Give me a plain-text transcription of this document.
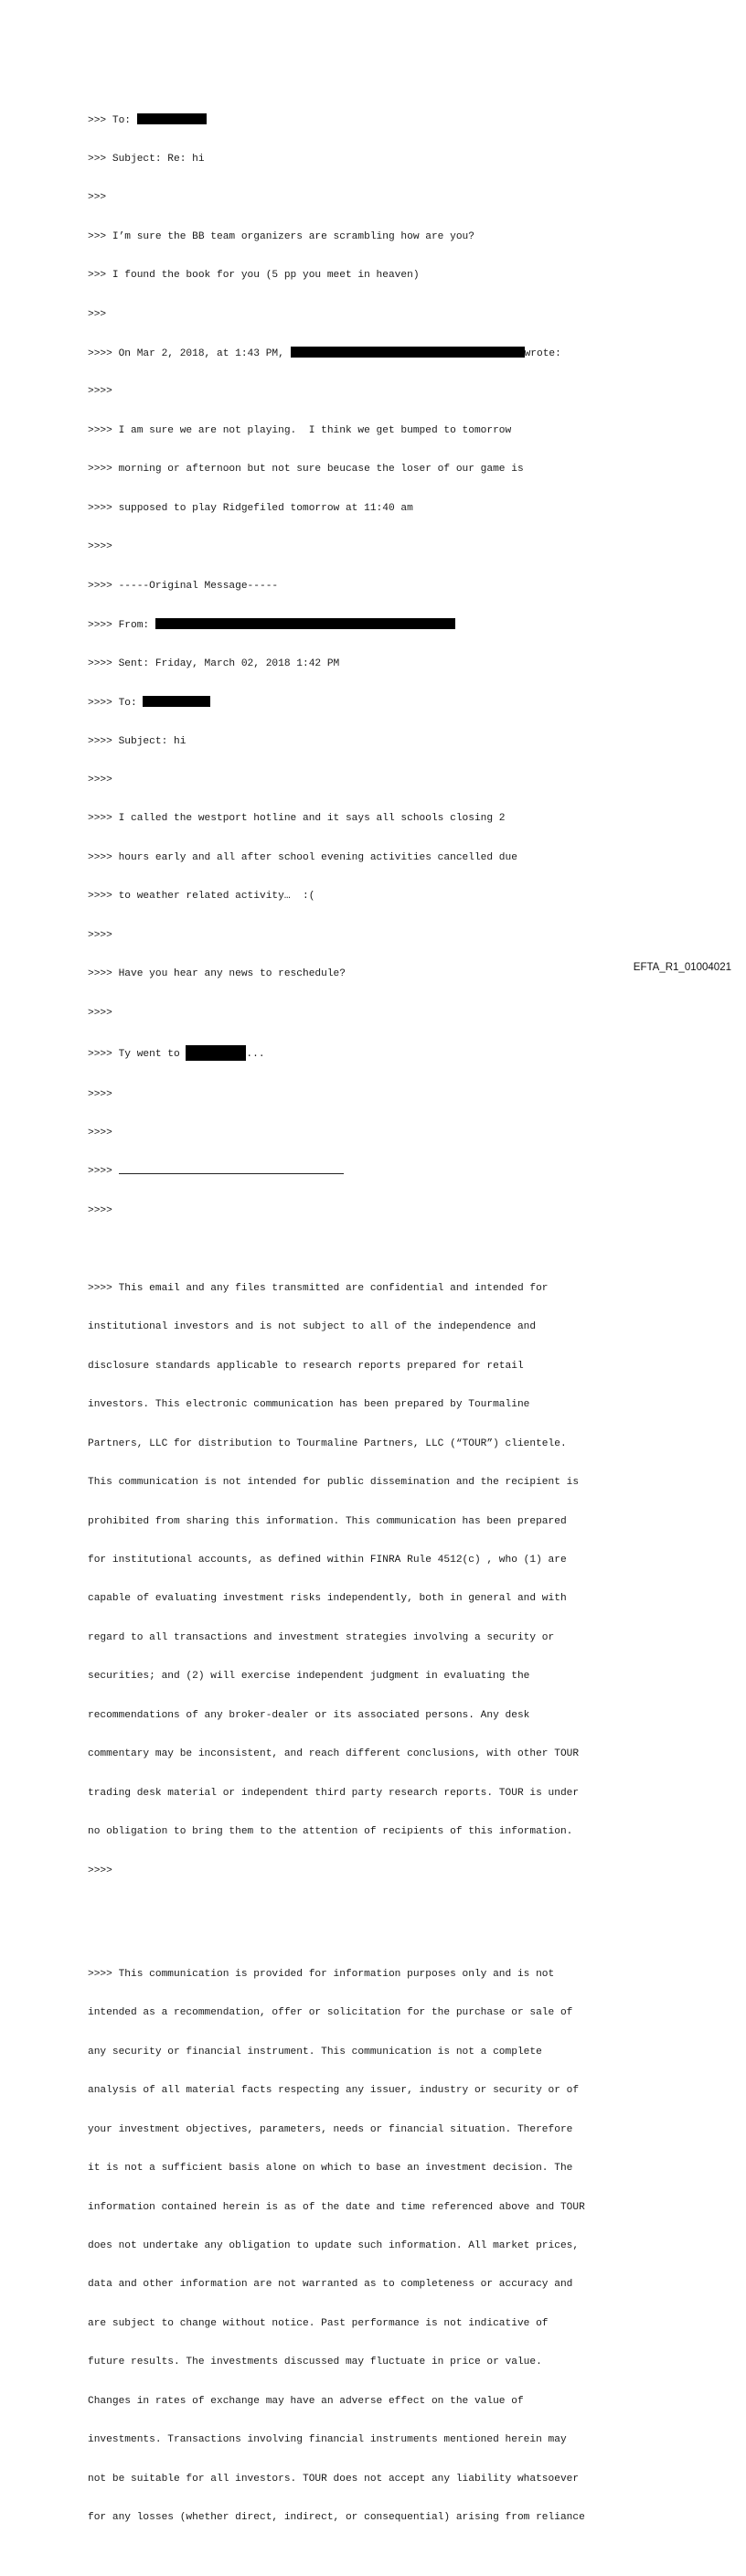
>>> To:

>>> Subject: Re: hi

>>>

>>> I’m sure the BB team organizers are scrambling how are you?

>>> I found the book for you (5 pp you meet in heaven)

>>>

>>>> On Mar 2, 2018, at 1:43 PM,	wrote:

>>>>

>>>> I am sure we are not playing.  I think we get bumped to tomorrow

>>>> morning or afternoon but not sure beucase the loser of our game is

>>>> supposed to play Ridgefiled tomorrow at 11:40 am

>>>>

>>>> -----Original Message-----

>>>> From:

>>>> Sent: Friday, March 02, 2018 1:42 PM

>>>> To:

>>>> Subject: hi

>>>>

>>>> I called the westport hotline and it says all schools closing 2

>>>> hours early and all after school evening activities cancelled due

>>>> to weather related activity…  :(

>>>>

>>>> Have you hear any news to reschedule?

>>>>

>>>> Ty went to	...

>>>>

>>>>

>>>>

>>>>

>>>> This email and any files transmitted are confidential and intended for

institutional investors and is not subject to all of the independence and

disclosure standards applicable to research reports prepared for retail

investors. This electronic communication has been prepared by Tourmaline

Partners, LLC for distribution to Tourmaline Partners, LLC (“TOUR”) clientele.

This communication is not intended for public dissemination and the recipient is

prohibited from sharing this information. This communication has been prepared

for institutional accounts, as defined within FINRA Rule 4512(c) , who (1) are

capable of evaluating investment risks independently, both in general and with

regard to all transactions and investment strategies involving a security or

securities; and (2) will exercise independent judgment in evaluating the

recommendations of any broker-dealer or its associated persons. Any desk

commentary may be inconsistent, and reach different conclusions, with other TOUR

trading desk material or independent third party research reports. TOUR is under

no obligation to bring them to the attention of recipients of this information.

>>>>

>>>> This communication is provided for information purposes only and is not

intended as a recommendation, offer or solicitation for the purchase or sale of

any security or financial instrument. This communication is not a complete

analysis of all material facts respecting any issuer, industry or security or of

your investment objectives, parameters, needs or financial situation. Therefore

it is not a sufficient basis alone on which to base an investment decision. The

information contained herein is as of the date and time referenced above and TOUR

does not undertake any obligation to update such information. All market prices,

data and other information are not warranted as to completeness or accuracy and

are subject to change without notice. Past performance is not indicative of

future results. The investments discussed may fluctuate in price or value.

Changes in rates of exchange may have an adverse effect on the value of

investments. Transactions involving financial instruments mentioned herein may

not be suitable for all investors. TOUR does not accept any liability whatsoever

for any losses (whether direct, indirect, or consequential) arising from reliance

EFTA_R1_01004021
